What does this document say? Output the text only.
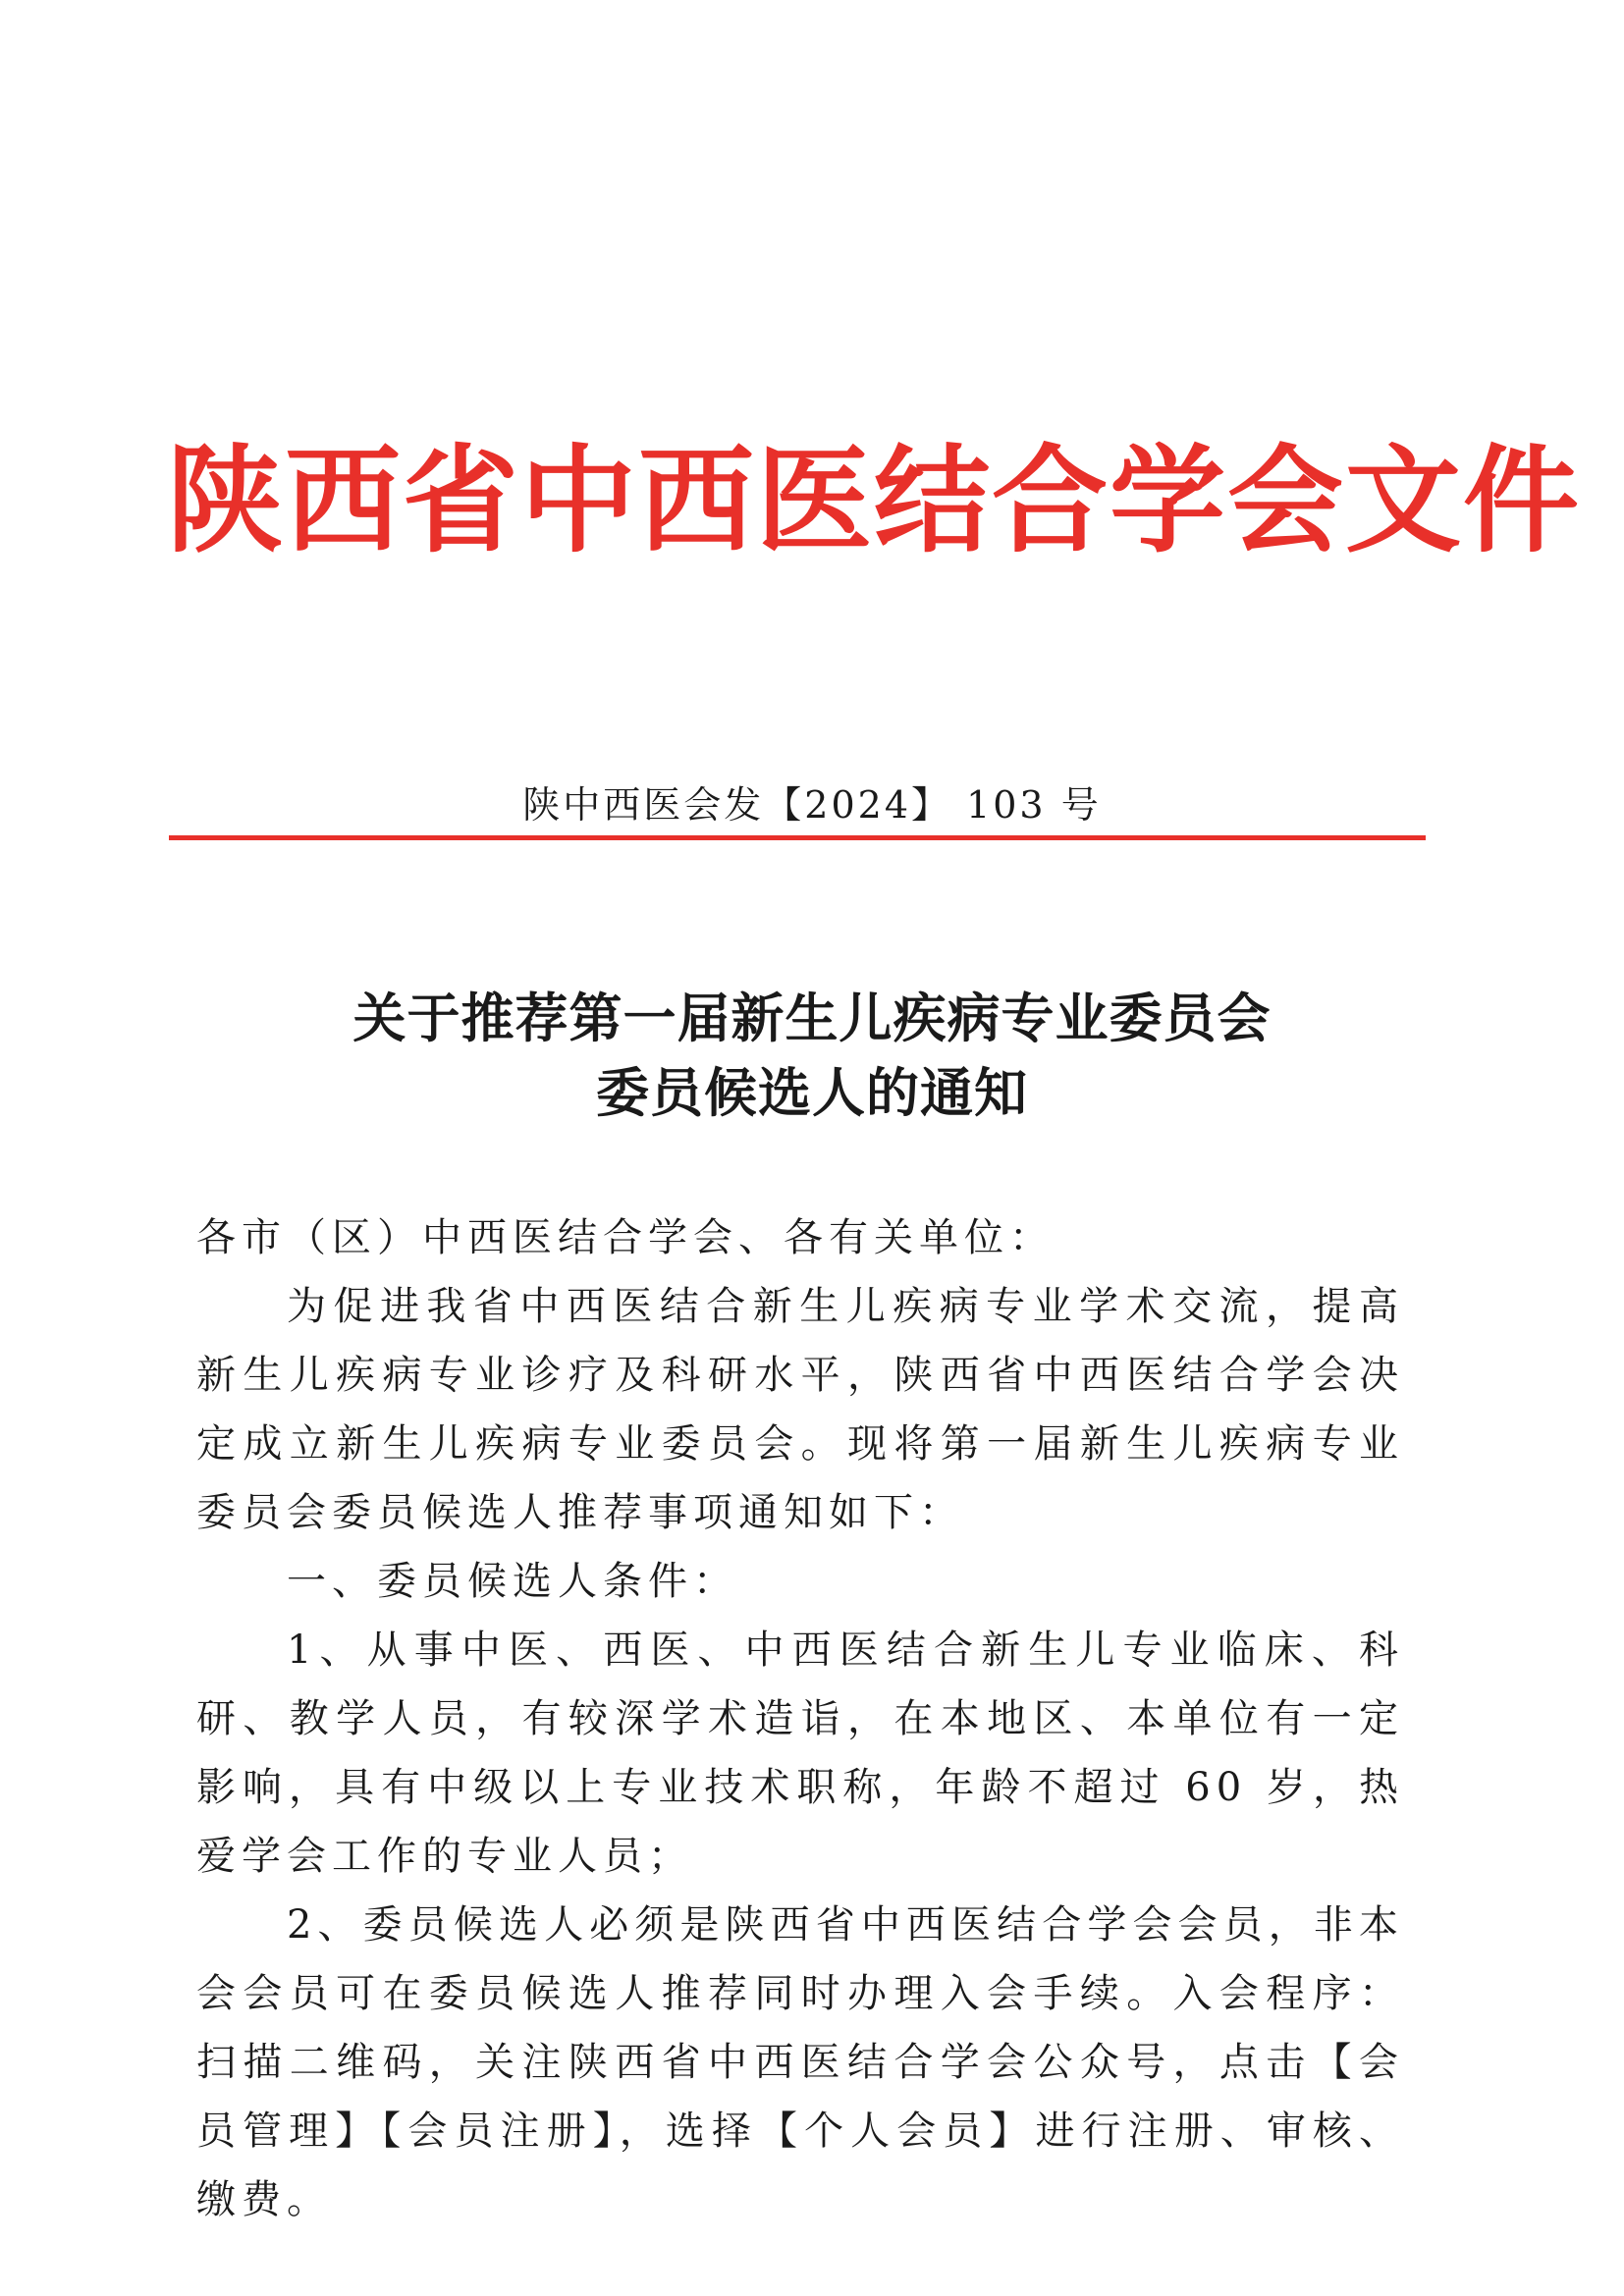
陕西省中西医结合学会文件
陕中西医会发【2024】 103 号
关于推荐第一届新生儿疾病专业委员会
委员候选人的通知

各市（区）中西医结合学会、各有关单位：

为促进我省中西医结合新生儿疾病专业学术交流，提高新生儿疾病专业诊疗及科研水平，陕西省中西医结合学会决定成立新生儿疾病专业委员会。现将第一届新生儿疾病专业委员会委员候选人推荐事项通知如下：

一、委员候选人条件：

1、从事中医、西医、中西医结合新生儿专业临床、科研、教学人员，有较深学术造诣，在本地区、本单位有一定影响，具有中级以上专业技术职称，年龄不超过 60 岁，热爱学会工作的专业人员；

2、委员候选人必须是陕西省中西医结合学会会员，非本会会员可在委员候选人推荐同时办理入会手续。入会程序：扫描二维码，关注陕西省中西医结合学会公众号，点击【会员管理】【会员注册】，选择【个人会员】进行注册、审核、缴费。
